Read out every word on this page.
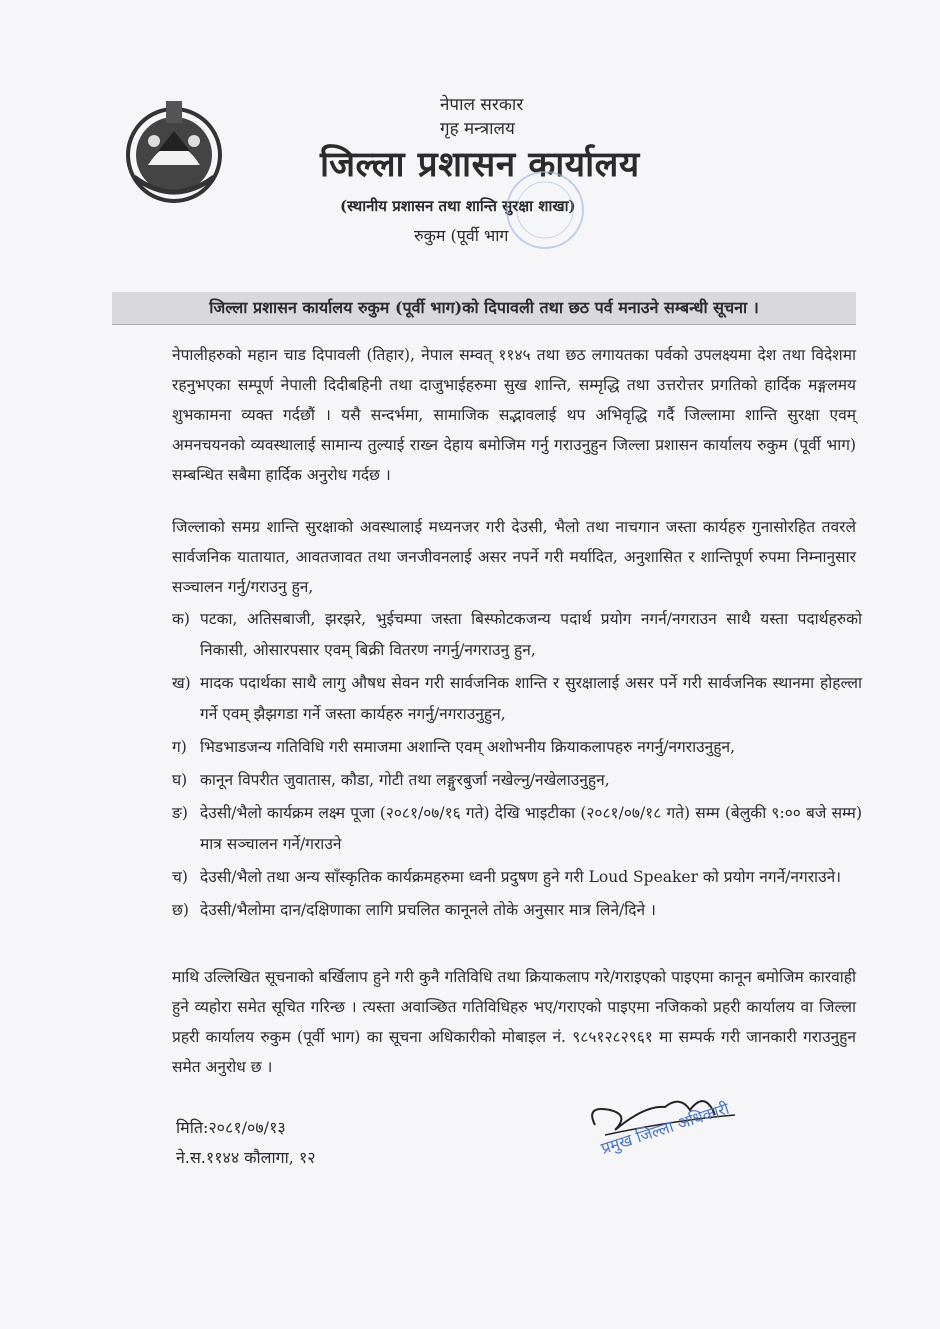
नेपाल सरकार
गृह मन्त्रालय
जिल्ला प्रशासन कार्यालय
(स्थानीय प्रशासन तथा शान्ति सुरक्षा शाखा)
रुकुम (पूर्वी भाग
जिल्ला प्रशासन कार्यालय रुकुम (पूर्वी भाग)को दिपावली तथा छठ पर्व मनाउने सम्बन्धी सूचना ।
नेपालीहरुको महान चाड दिपावली (तिहार), नेपाल सम्वत् ११४५ तथा छठ लगायतका पर्वको उपलक्ष्यमा देश तथा विदेशमा रहनुभएका सम्पूर्ण नेपाली दिदीबहिनी तथा दाजुभाईहरुमा सुख शान्ति, सम्मृद्धि तथा उत्तरोत्तर प्रगतिको हार्दिक मङ्गलमय शुभकामना व्यक्त गर्दछौं । यसै सन्दर्भमा, सामाजिक सद्भावलाई थप अभिवृद्धि गर्दै जिल्लामा शान्ति सुरक्षा एवम् अमनचयनको व्यवस्थालाई सामान्य तुल्याई राख्न देहाय बमोजिम गर्नु गराउनुहुन जिल्ला प्रशासन कार्यालय रुकुम (पूर्वी भाग) सम्बन्धित सबैमा हार्दिक अनुरोध गर्दछ ।
जिल्लाको समग्र शान्ति सुरक्षाको अवस्थालाई मध्यनजर गरी देउसी, भैलो तथा नाचगान जस्ता कार्यहरु गुनासोरहित तवरले सार्वजनिक यातायात, आवतजावत तथा जनजीवनलाई असर नपर्ने गरी मर्यादित, अनुशासित र शान्तिपूर्ण रुपमा निम्नानुसार सञ्चालन गर्नु/गराउनु हुन,
क) पटका, अतिसबाजी, झरझरे, भुईचम्पा जस्ता बिस्फोटकजन्य पदार्थ प्रयोग नगर्न/नगराउन साथै यस्ता पदार्थहरुको निकासी, ओसारपसार एवम् बिक्री वितरण नगर्नु/नगराउनु हुन,
ख) मादक पदार्थका साथै लागु औषध सेवन गरी सार्वजनिक शान्ति र सुरक्षालाई असर पर्ने गरी सार्वजनिक स्थानमा होहल्ला गर्ने एवम् झैझगडा गर्ने जस्ता कार्यहरु नगर्नु/नगराउनुहुन,
ग) भिडभाडजन्य गतिविधि गरी समाजमा अशान्ति एवम् अशोभनीय क्रियाकलापहरु नगर्नु/नगराउनुहुन,
घ) कानून विपरीत जुवातास, कौडा, गोटी तथा लङ्गुरबुर्जा नखेल्नु/नखेलाउनुहुन,
ङ) देउसी/भैलो कार्यक्रम लक्ष्म पूजा (२०८१/०७/१६ गते) देखि भाइटीका (२०८१/०७/१८ गते) सम्म (बेलुकी ९:०० बजे सम्म) मात्र सञ्चालन गर्ने/गराउने
च) देउसी/भैलो तथा अन्य साँस्कृतिक कार्यक्रमहरुमा ध्वनी प्रदुषण हुने गरी Loud Speaker को प्रयोग नगर्ने/नगराउने।
छ) देउसी/भैलोमा दान/दक्षिणाका लागि प्रचलित कानूनले तोके अनुसार मात्र लिने/दिने ।
माथि उल्लिखित सूचनाको बर्खिलाप हुने गरी कुनै गतिविधि तथा क्रियाकलाप गरे/गराइएको पाइएमा कानून बमोजिम कारवाही हुने व्यहोरा समेत सूचित गरिन्छ । त्यस्ता अवाञ्छित गतिविधिहरु भए/गराएको पाइएमा नजिकको प्रहरी कार्यालय वा जिल्ला प्रहरी कार्यालय रुकुम (पूर्वी भाग) का सूचना अधिकारीको मोबाइल नं. ९८५१२८२९६१ मा सम्पर्क गरी जानकारी गराउनुहुन समेत अनुरोध छ ।
मिति:२०८१/०७/१३
ने.स.११४४ कौलागा, १२	प्रमुख जिल्ला अधिकारी
